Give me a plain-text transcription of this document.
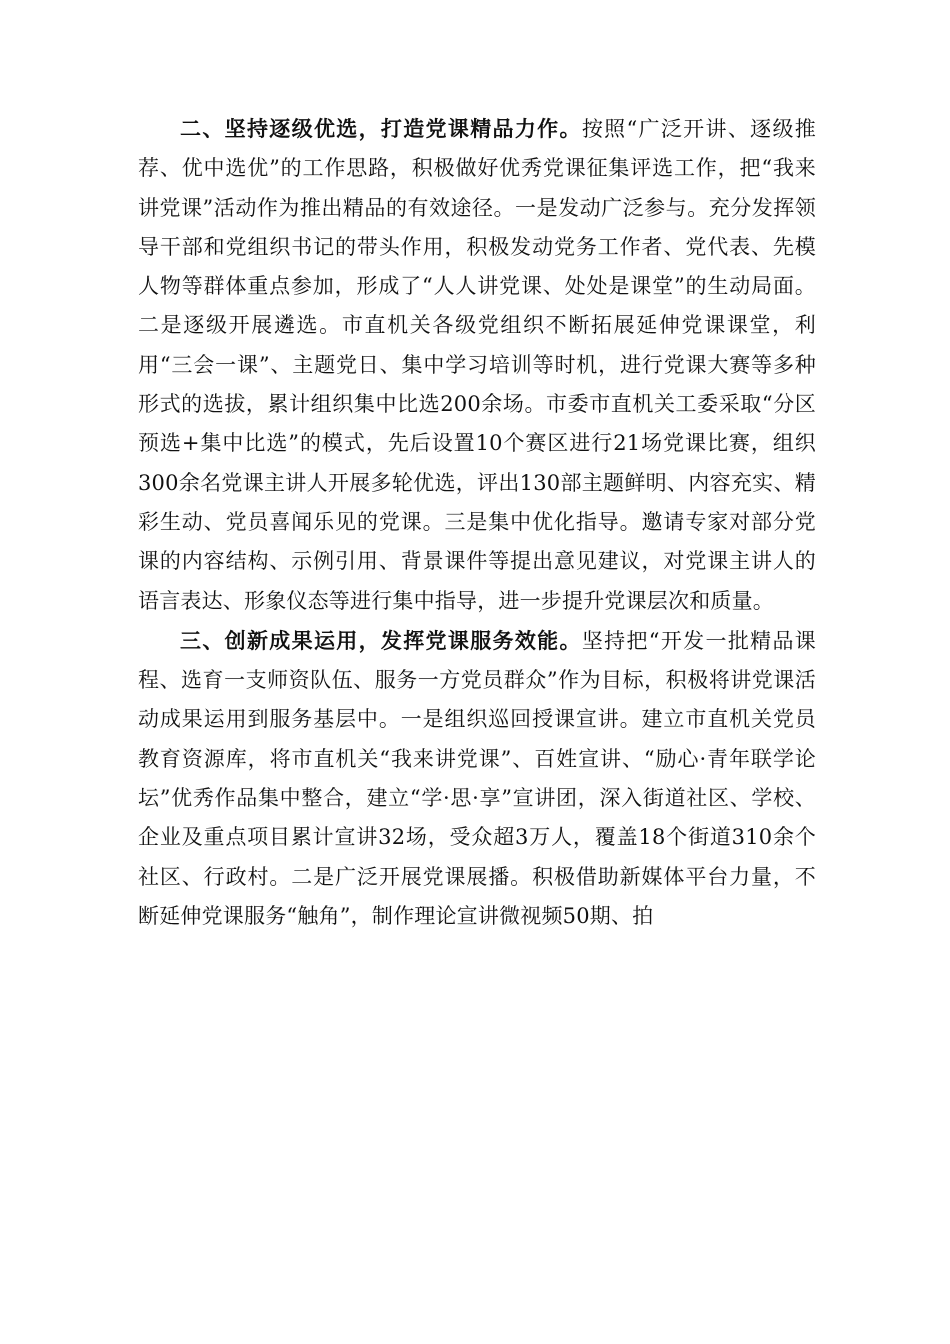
二、坚持逐级优选，打造党课精品力作。按照“广泛开讲、逐级推荐、优中选优”的工作思路，积极做好优秀党课征集评选工作，把“我来讲党课”活动作为推出精品的有效途径。一是发动广泛参与。充分发挥领导干部和党组织书记的带头作用，积极发动党务工作者、党代表、先模人物等群体重点参加，形成了“人人讲党课、处处是课堂”的生动局面。二是逐级开展遴选。市直机关各级党组织不断拓展延伸党课课堂，利用“三会一课”、主题党日、集中学习培训等时机，进行党课大赛等多种形式的选拔，累计组织集中比选200余场。市委市直机关工委采取“分区预选+集中比选”的模式，先后设置10个赛区进行21场党课比赛，组织300余名党课主讲人开展多轮优选，评出130部主题鲜明、内容充实、精彩生动、党员喜闻乐见的党课。三是集中优化指导。邀请专家对部分党课的内容结构、示例引用、背景课件等提出意见建议，对党课主讲人的语言表达、形象仪态等进行集中指导，进一步提升党课层次和质量。

三、创新成果运用，发挥党课服务效能。坚持把“开发一批精品课程、选育一支师资队伍、服务一方党员群众”作为目标，积极将讲党课活动成果运用到服务基层中。一是组织巡回授课宣讲。建立市直机关党员教育资源库，将市直机关“我来讲党课”、百姓宣讲、“励心·青年联学论坛”优秀作品集中整合，建立“学·思·享”宣讲团，深入街道社区、学校、企业及重点项目累计宣讲32场，受众超3万人，覆盖18个街道310余个社区、行政村。二是广泛开展党课展播。积极借助新媒体平台力量，不断延伸党课服务“触角”，制作理论宣讲微视频50期、拍
